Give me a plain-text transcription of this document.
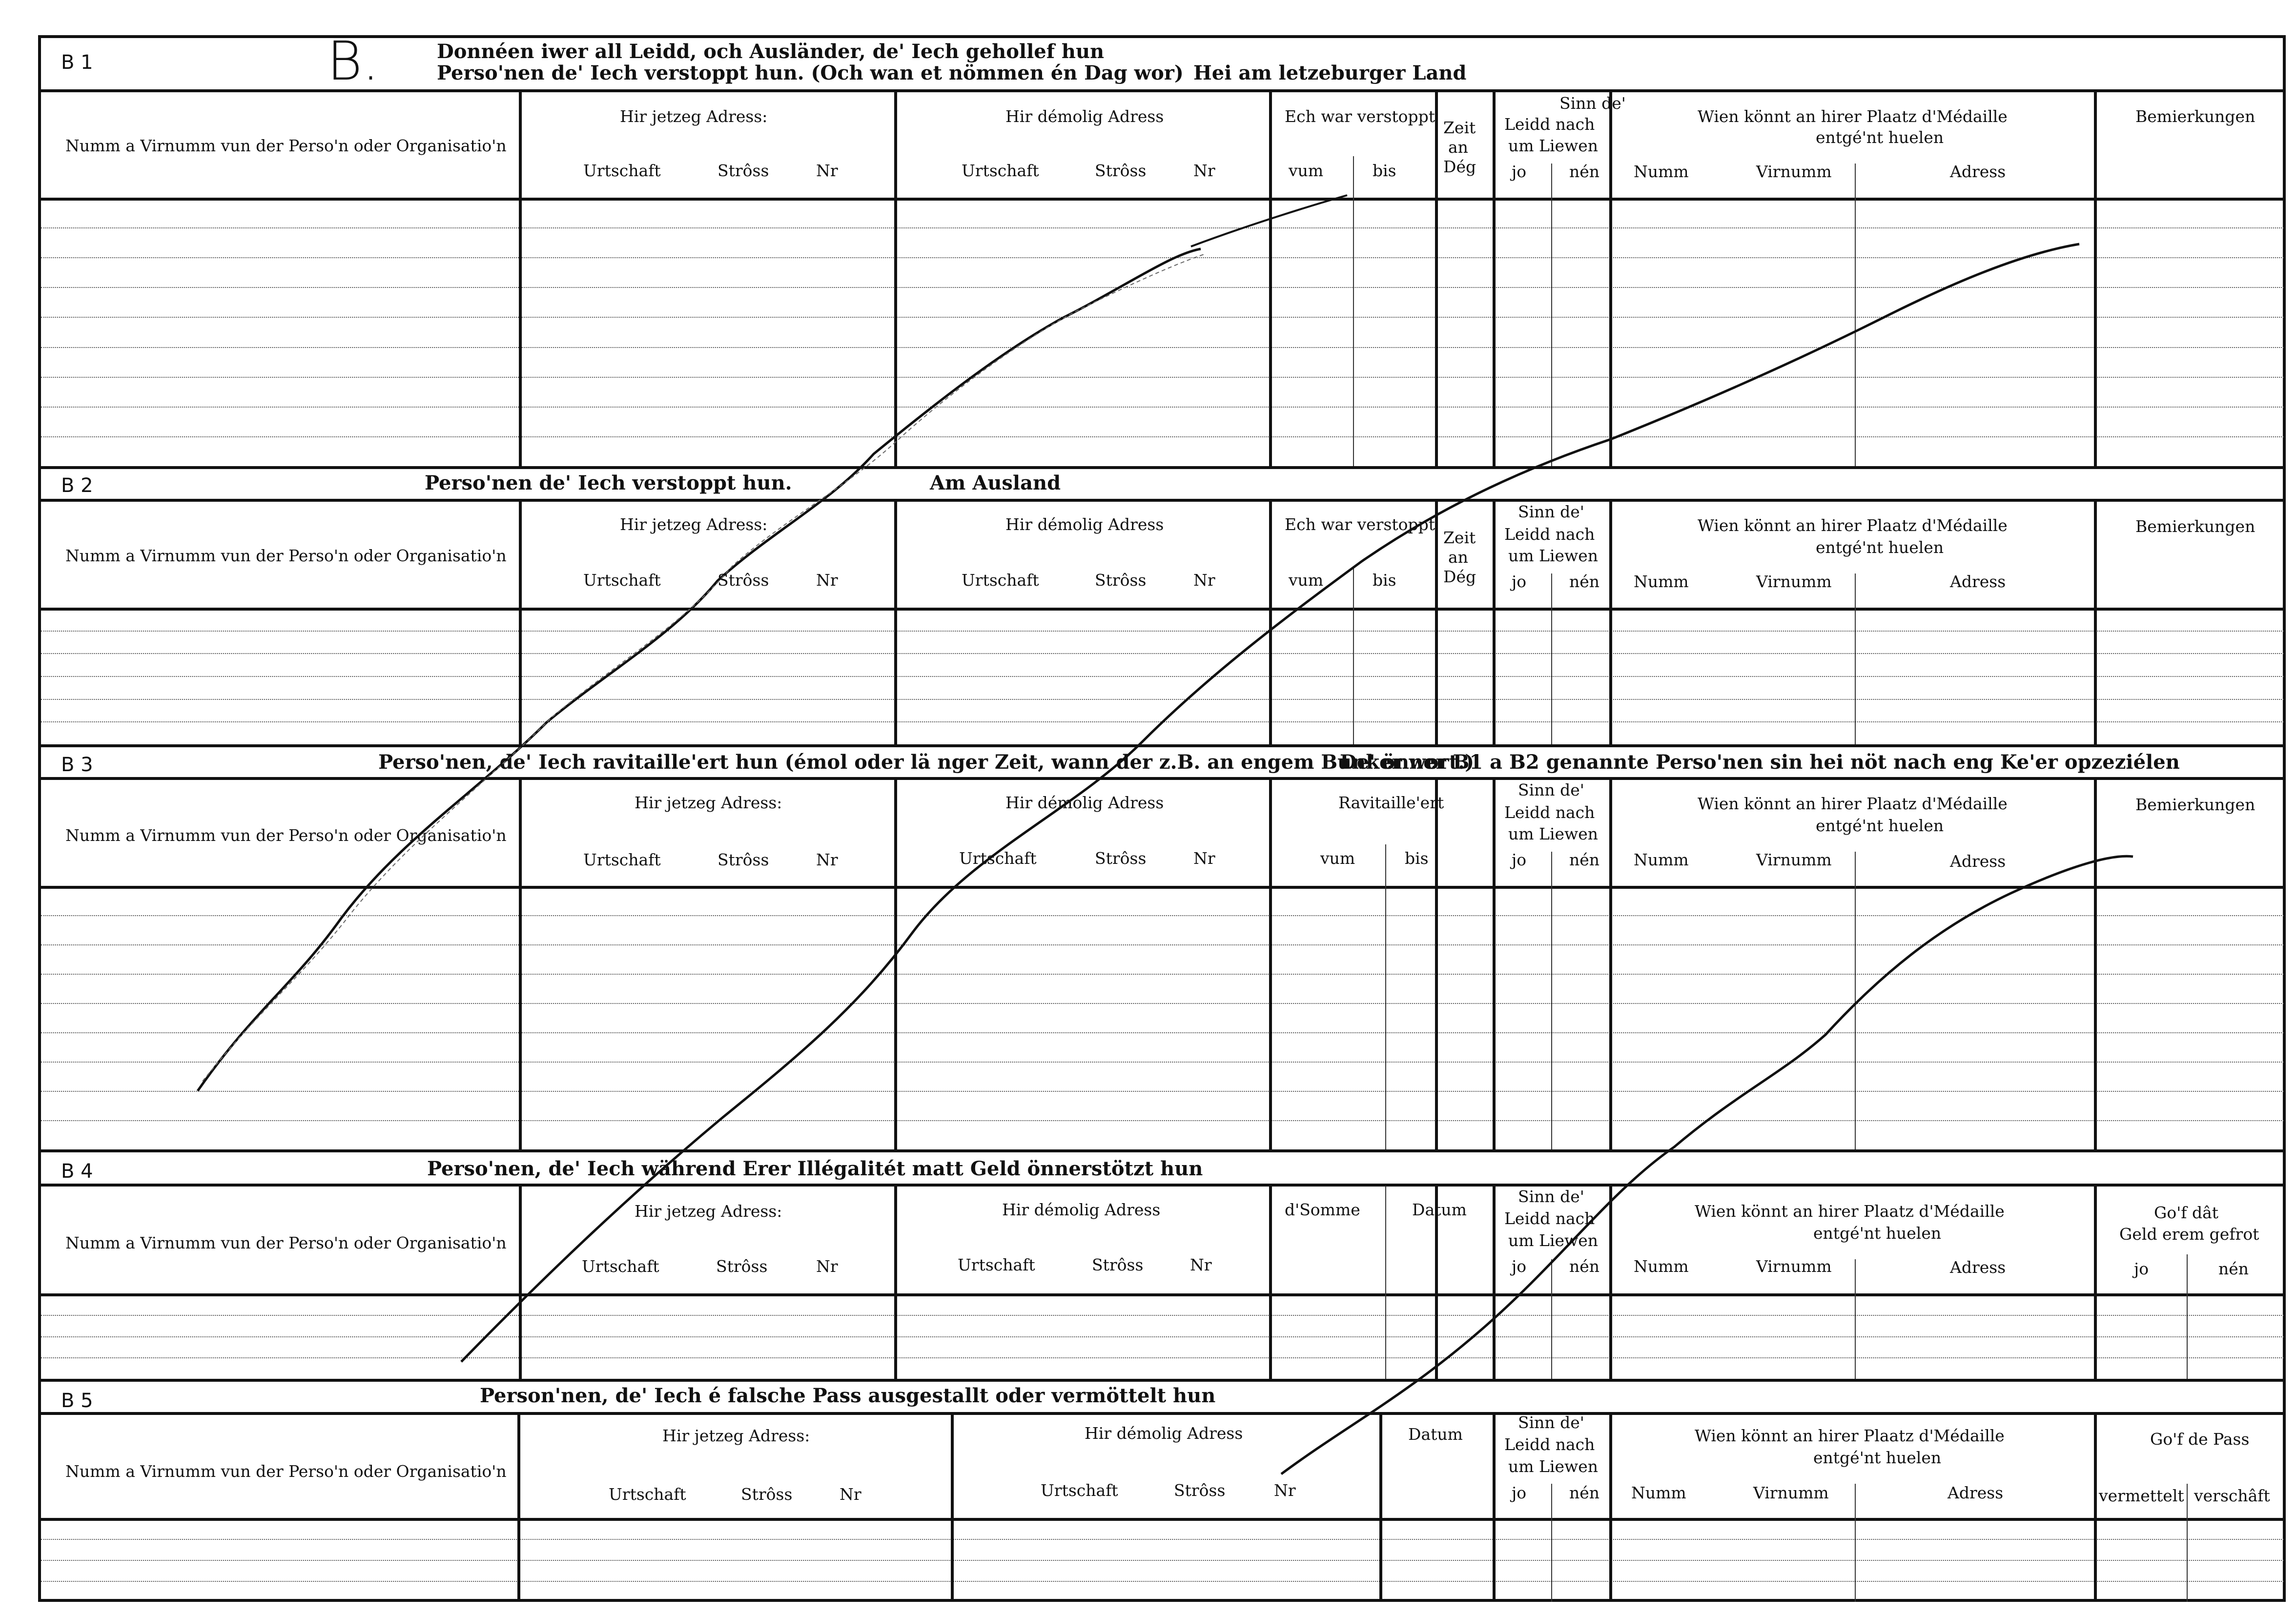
B 1	B.	Donnéen iwer all Leidd, och Ausländer, de' Iech gehollef hun
Perso'nen de' Iech verstoppt hun. (Och wan et nömmen én Dag wor) Hei am letzeburger Land
Numm a Virnumm vun der Perso'n oder Organisatio'n
Hir jetzeg Adress:
Urtschaft	Strôss	Nr
Hir démolig Adress
Urtschaft	Strôss	Nr
Ech war verstoppt
vum	bis
Zeit
an
Dég
Sinn de'
Leidd nach
um Liewen
jo	nén
Wien könnt an hirer Plaatz d'Médaille
entgé'nt huelen
Numm	Virnumm	Adress
Bemierkungen
B 2	Perso'nen de' Iech verstoppt hun.	Am Ausland
Numm a Virnumm vun der Perso'n oder Organisatio'n
Hir jetzeg Adress:
Urtschaft	Strôss	Nr
Hir démolig Adress
Urtschaft	Strôss	Nr
Ech war verstoppt
vum	bis
Zeit
an
Dég
Sinn de'
Leidd nach
um Liewen
jo	nén
Wien könnt an hirer Plaatz d'Médaille
entgé'nt huelen
Numm	Virnumm	Adress
Bemierkungen
B 3	Perso'nen, de' Iech ravitaille'ert hun (émol oder lä nger Zeit, wann der z.B. an engem Bunker wort.)
De' önner B1 a B2 genannte Perso'nen sin hei nöt nach eng Ke'er opzeziélen
Numm a Virnumm vun der Perso'n oder Organisatio'n
Hir jetzeg Adress:
Urtschaft	Strôss	Nr
Hir démolig Adress
Urtschaft	Strôss	Nr
Ravitaille'ert
vum	bis
Sinn de'
Leidd nach
um Liewen
jo	nén
Wien könnt an hirer Plaatz d'Médaille
entgé'nt huelen
Numm	Virnumm	Adress
Bemierkungen
B 4	Perso'nen, de' Iech während Erer Illégalitét matt Geld önnerstötzt hun
Numm a Virnumm vun der Perso'n oder Organisatio'n
Hir jetzeg Adress:
Urtschaft	Strôss	Nr
Hir démolig Adress
Urtschaft	Strôss	Nr
d'Somme	Datum
Sinn de'
Leidd nach
um Liewen
jo	nén
Wien könnt an hirer Plaatz d'Médaille
entgé'nt huelen
Numm	Virnumm	Adress
Go'f dât
Geld erem gefrot
jo	nén
B 5	Person'nen, de' Iech é falsche Pass ausgestallt oder vermöttelt hun
Numm a Virnumm vun der Perso'n oder Organisatio'n
Hir jetzeg Adress:
Urtschaft	Strôss	Nr
Hir démolig Adress
Urtschaft	Strôss	Nr
Datum
Sinn de'
Leidd nach
um Liewen
jo	nén
Wien könnt an hirer Plaatz d'Médaille
entgé'nt huelen
Numm	Virnumm	Adress
Go'f de Pass
vermettelt verschâft
